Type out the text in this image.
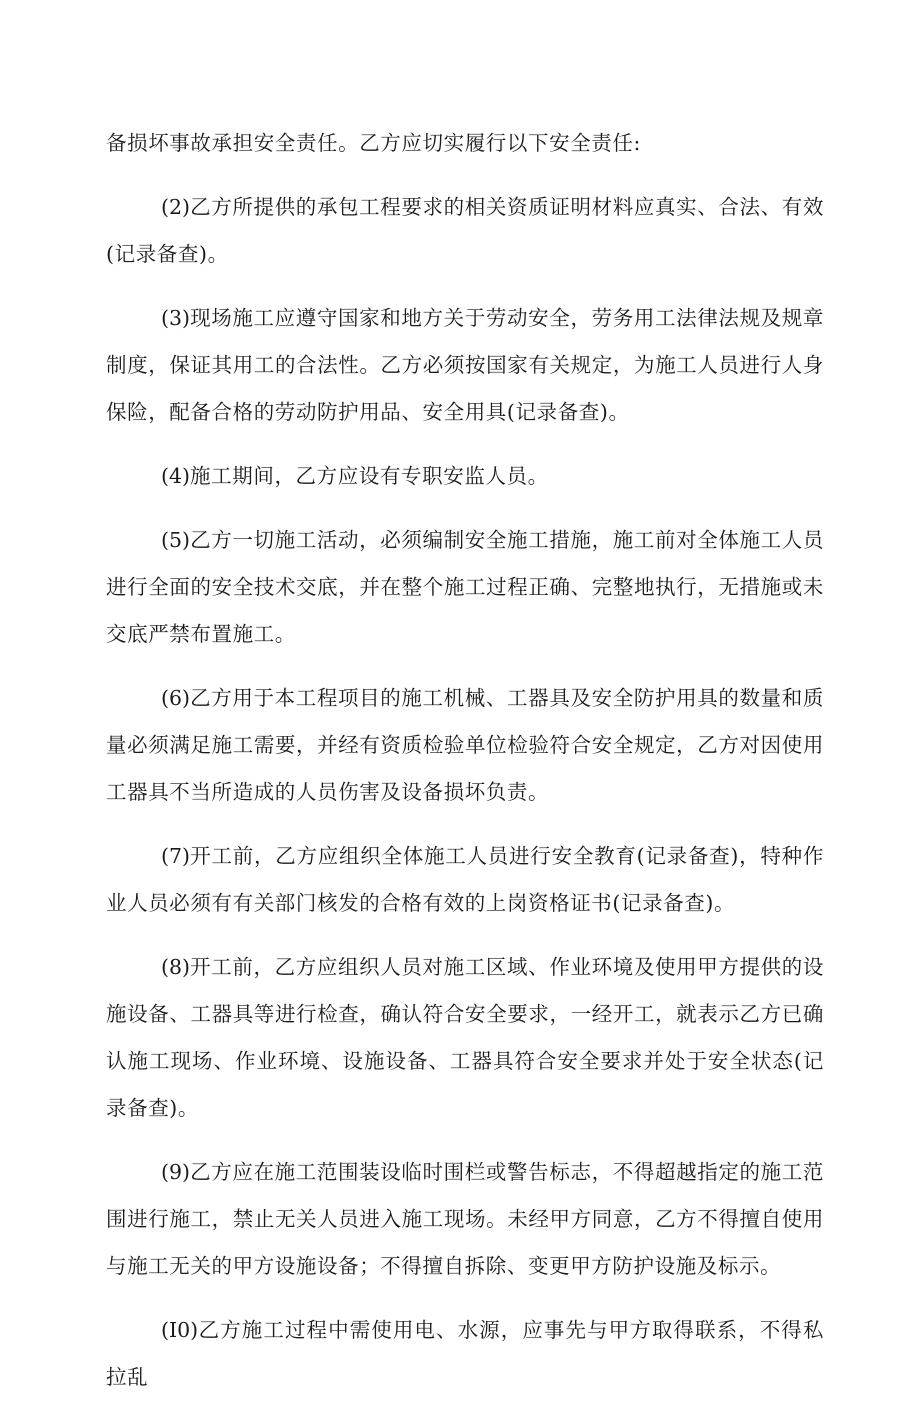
备损坏事故承担安全责任。乙方应切实履行以下安全责任:

(2)乙方所提供的承包工程要求的相关资质证明材料应真实、合法、有效(记录备查)。

(3)现场施工应遵守国家和地方关于劳动安全，劳务用工法律法规及规章制度，保证其用工的合法性。乙方必须按国家有关规定，为施工人员进行人身保险，配备合格的劳动防护用品、安全用具(记录备查)。

(4)施工期间，乙方应设有专职安监人员。

(5)乙方一切施工活动，必须编制安全施工措施，施工前对全体施工人员进行全面的安全技术交底，并在整个施工过程正确、完整地执行，无措施或未交底严禁布置施工。

(6)乙方用于本工程项目的施工机械、工器具及安全防护用具的数量和质量必须满足施工需要，并经有资质检验单位检验符合安全规定，乙方对因使用工器具不当所造成的人员伤害及设备损坏负责。

(7)开工前，乙方应组织全体施工人员进行安全教育(记录备查)，特种作业人员必须有有关部门核发的合格有效的上岗资格证书(记录备查)。

(8)开工前，乙方应组织人员对施工区域、作业环境及使用甲方提供的设施设备、工器具等进行检查，确认符合安全要求，一经开工，就表示乙方已确认施工现场、作业环境、设施设备、工器具符合安全要求并处于安全状态(记录备查)。

(9)乙方应在施工范围装设临时围栏或警告标志，不得超越指定的施工范围进行施工，禁止无关人员进入施工现场。未经甲方同意，乙方不得擅自使用与施工无关的甲方设施设备；不得擅自拆除、变更甲方防护设施及标示。

(I0)乙方施工过程中需使用电、水源，应事先与甲方取得联系，不得私拉乱
